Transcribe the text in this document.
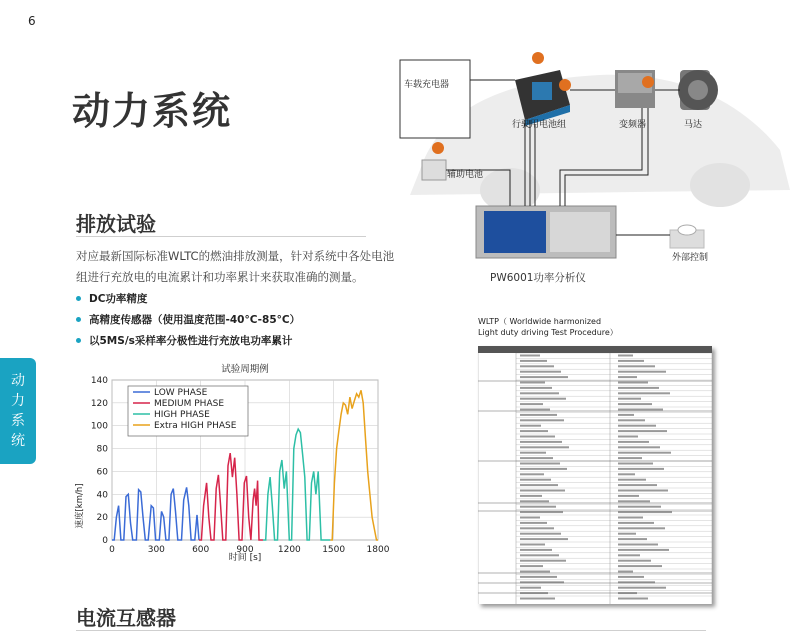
6
动
力
系
统
动力系统
车载充电器
行驶用电池组	变频器	马达
辅助电池
外部控制
PW6001功率分析仪
排放试验
对应最新国际标准WLTC的燃油排放测量，针对系统中各处电池
组进行充放电的电流累计和功率累计来获取准确的测量。
DC功率精度
高精度传感器（使用温度范围-40°C-85°C）
以5MS/s采样率分极性进行充放电功率累计
WLTP（ Worldwide harmonized
Light duty driving Test Procedure）
试验周期例
0
20
40
60
80
100
120
140
0	300	600	900	1200 1500 1800
LOW PHASE
MEDIUM PHASE
HIGH PHASE
Extra HIGH PHASE
时间 [s]
速度[km/h]
电流互感器
